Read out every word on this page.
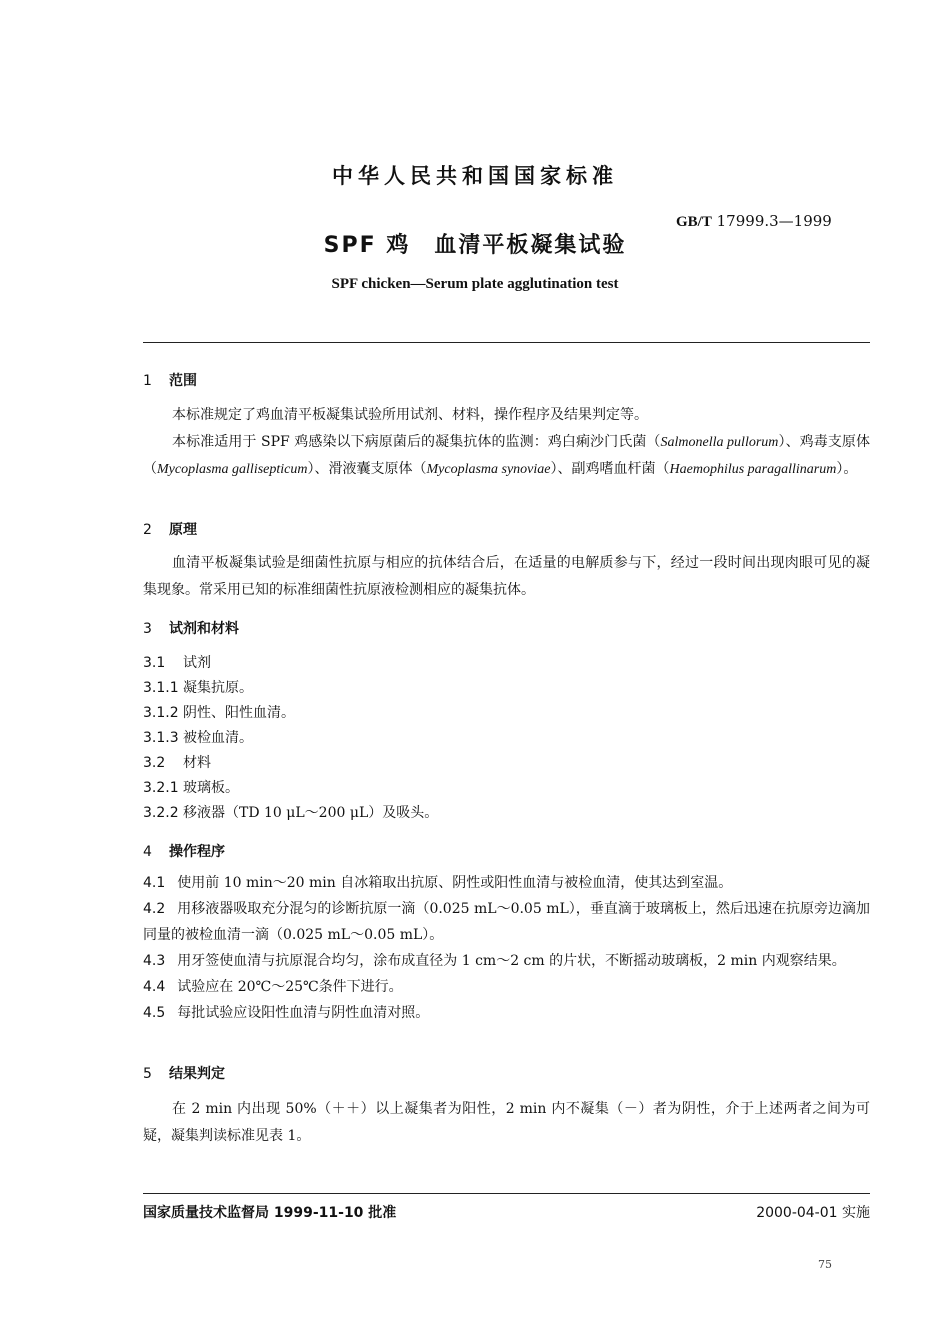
中华人民共和国国家标准
GB/T 17999.3—1999
SPF 鸡　血清平板凝集试验
SPF chicken—Serum plate agglutination test
1 范围

本标准规定了鸡血清平板凝集试验所用试剂、材料，操作程序及结果判定等。

本标准适用于 SPF 鸡感染以下病原菌后的凝集抗体的监测：鸡白痢沙门氏菌（Salmonella pullorum）、鸡毒支原体（Mycoplasma gallisepticum）、滑液囊支原体（Mycoplasma synoviae）、副鸡嗜血杆菌（Haemophilus paragallinarum）。

2 原理

血清平板凝集试验是细菌性抗原与相应的抗体结合后，在适量的电解质参与下，经过一段时间出现肉眼可见的凝集现象。常采用已知的标准细菌性抗原液检测相应的凝集抗体。

3 试剂和材料
3.1 试剂
3.1.1 凝集抗原。
3.1.2 阴性、阳性血清。
3.1.3 被检血清。
3.2 材料
3.2.1 玻璃板。
3.2.2 移液器（TD 10 μL～200 μL）及吸头。
4 操作程序

4.1 使用前 10 min～20 min 自冰箱取出抗原、阴性或阳性血清与被检血清，使其达到室温。

4.2 用移液器吸取充分混匀的诊断抗原一滴（0.025 mL～0.05 mL），垂直滴于玻璃板上，然后迅速在抗原旁边滴加同量的被检血清一滴（0.025 mL～0.05 mL）。

4.3 用牙签使血清与抗原混合均匀，涂布成直径为 1 cm～2 cm 的片状，不断摇动玻璃板，2 min 内观察结果。

4.4 试验应在 20℃～25℃条件下进行。

4.5 每批试验应设阳性血清与阴性血清对照。

5 结果判定

在 2 min 内出现 50%（＋＋）以上凝集者为阳性，2 min 内不凝集（－）者为阴性，介于上述两者之间为可疑，凝集判读标准见表 1。

国家质量技术监督局 1999-11-10 批准	2000-04-01 实施
75
